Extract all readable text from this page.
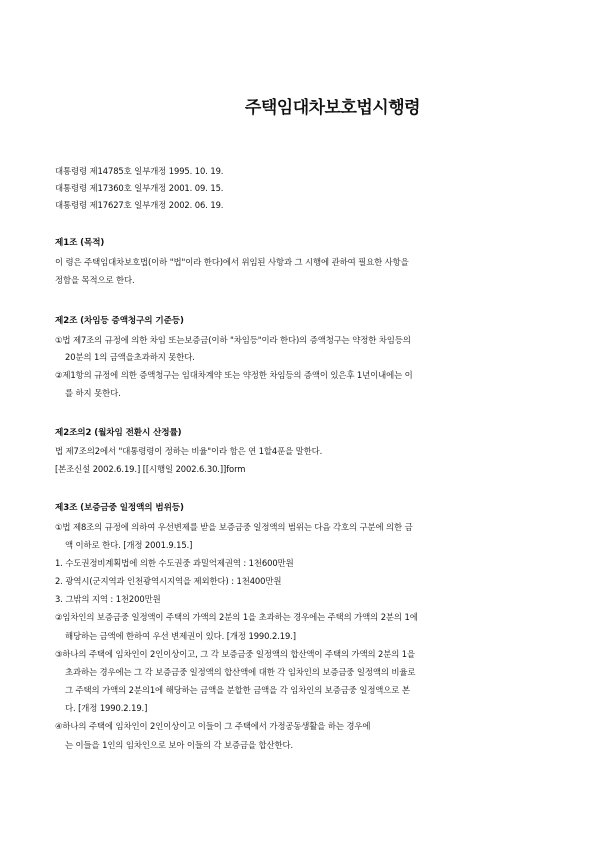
주택임대차보호법시행령
대통령령 제14785호 일부개정 1995. 10. 19.
대통령령 제17360호 일부개정 2001. 09. 15.
대통령령 제17627호 일부개정 2002. 06. 19.
제1조 (목적)
이 령은 주택임대차보호법(이하 "법"이라 한다)에서 위임된 사항과 그 시행에 관하여 필요한 사항을
정함을 목적으로 한다.
제2조 (차임등 증액청구의 기준등)
①법 제7조의 규정에 의한 차임 또는보증금(이하 "차임등"이라 한다)의 증액청구는 약정한 차임등의
20분의 1의 금액을초과하지 못한다.
②제1항의 규정에 의한 증액청구는 임대차계약 또는 약정한 차임등의 증액이 있은후 1년이내에는 이
를 하지 못한다.
제2조의2 (월차임 전환시 산정률)
법 제7조의2에서 "대통령령이 정하는 비율"이라 함은 연 1할4푼을 말한다.
[본조신설 2002.6.19.] [[시행일 2002.6.30.]]form
제3조 (보증금중 일정액의 범위등)
①법 제8조의 규정에 의하여 우선변제를 받을 보증금중 일정액의 범위는 다음 각호의 구분에 의한 금
액 이하로 한다. [개정 2001.9.15.]
1. 수도권정비계획법에 의한 수도권중 과밀억제권역 : 1천600만원
2. 광역시(군지역과 인천광역시지역을 제외한다) : 1천400만원
3. 그밖의 지역 : 1천200만원
②임차인의 보증금중 일정액이 주택의 가액의 2분의 1을 초과하는 경우에는 주택의 가액의 2분의 1에
해당하는 금액에 한하여 우선 변제권이 있다. [개정 1990.2.19.]
③하나의 주택에 임차인이 2인이상이고, 그 각 보증금중 일정액의 합산액이 주택의 가액의 2분의 1을
초과하는 경우에는 그 각 보증금중 일정액의 합산액에 대한 각 임차인의 보증금중 일정액의 비율로
그 주택의 가액의 2분의1에 해당하는 금액을 분할한 금액을 각 임차인의 보증금중 일정액으로 본
다. [개정 1990.2.19.]
④하나의 주택에 임차인이 2인이상이고 이들이 그 주택에서 가정공동생활을 하는 경우에
는 이들을 1인의 임차인으로 보아 이들의 각 보증금을 합산한다.
